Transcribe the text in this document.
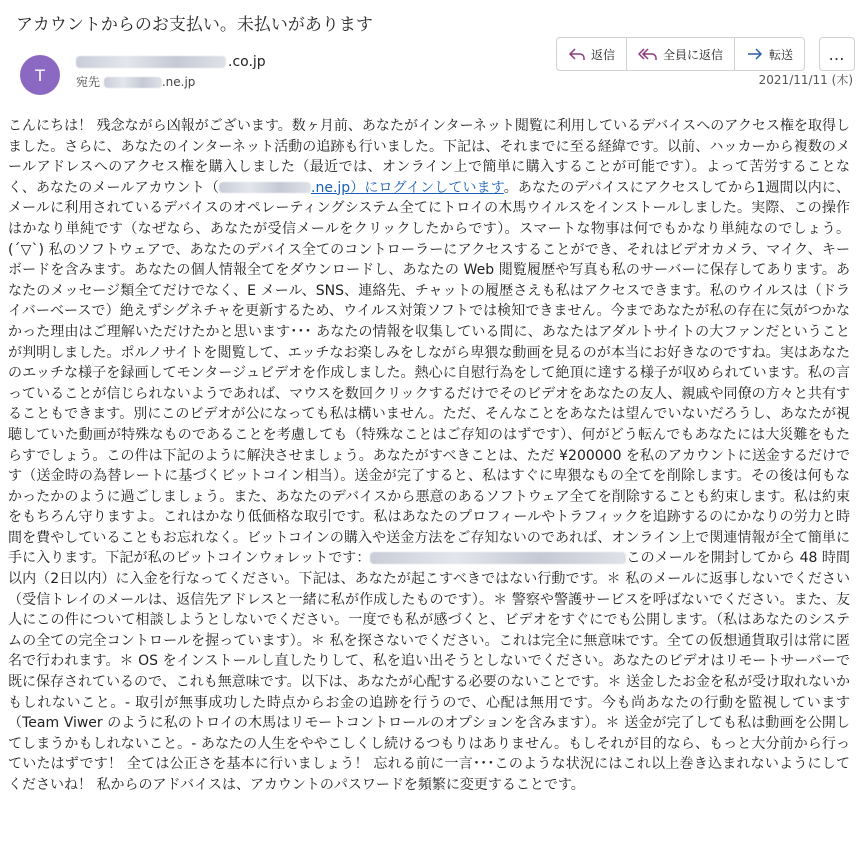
アカウントからのお支払い。未払いがあります
T
.co.jp
宛先	.ne.jp
返信	全員に返信	転送 …
2021/11/11 (木)
こんにちは！ 残念ながら凶報がございます。数ヶ月前、あなたがインターネット閲覧に利用しているデバイスへのアクセス権を取得しました。さらに、あなたのインターネット活動の追跡も行いました。下記は、それまでに至る経緯です。以前、ハッカーから複数のメールアドレスへのアクセス権を購入しました（最近では、オンライン上で簡単に購入することが可能です）。よって苦労することなく、あなたのメールアカウント（	.ne.jp）にログインしています。あなたのデバイスにアクセスしてから1週間以内に、メールに利用されているデバイスのオペレーティングシステム全てにトロイの木馬ウイルスをインストールしました。実際、この操作はかなり単純です（なぜなら、あなたが受信メールをクリックしたからです）。スマートな物事は何でもかなり単純なのでしょう。(´▽`) 私のソフトウェアで、あなたのデバイス全てのコントローラーにアクセスすることができ、それはビデオカメラ、マイク、キーボードを含みます。あなたの個人情報全てをダウンロードし、あなたの Web 閲覧履歴や写真も私のサーバーに保存してあります。あなたのメッセージ類全てだけでなく、E メール、SNS、連絡先、チャットの履歴さえも私はアクセスできます。私のウイルスは（ドライバーベースで）絶えずシグネチャを更新するため、ウイルス対策ソフトでは検知できません。今まであなたが私の存在に気がつかなかった理由はご理解いただけたかと思います･･･ あなたの情報を収集している間に、あなたはアダルトサイトの大ファンだということが判明しました。ポルノサイトを閲覧して、エッチなお楽しみをしながら卑猥な動画を見るのが本当にお好きなのですね。実はあなたのエッチな様子を録画してモンタージュビデオを作成しました。熱心に自慰行為をして絶頂に達する様子が収められています。私の言っていることが信じられないようであれば、マウスを数回クリックするだけでそのビデオをあなたの友人、親戚や同僚の方々と共有することもできます。別にこのビデオが公になっても私は構いません。ただ、そんなことをあなたは望んでいないだろうし、あなたが視聴していた動画が特殊なものであることを考慮しても（特殊なことはご存知のはずです）、何がどう転んでもあなたには大災難をもたらすでしょう。この件は下記のように解決させましょう。あなたがすべきことは、ただ ¥200000 を私のアカウントに送金するだけです（送金時の為替レートに基づくビットコイン相当）。送金が完了すると、私はすぐに卑猥なもの全てを削除します。その後は何もなかったかのように過ごしましょう。また、あなたのデバイスから悪意のあるソフトウェア全てを削除することも約束します。私は約束をもちろん守りますよ。これはかなり低価格な取引です。私はあなたのプロフィールやトラフィックを追跡するのにかなりの労力と時間を費やしていることもお忘れなく。ビットコインの購入や送金方法をご存知ないのであれば、オンライン上で関連情報が全て簡単に手に入ります。下記が私のビットコインウォレットです：	このメールを開封してから 48 時間以内（2日以内）に入金を行なってください。下記は、あなたが起こすべきではない行動です。＊ 私のメールに返事しないでください（受信トレイのメールは、返信先アドレスと一緒に私が作成したものです）。＊ 警察や警護サービスを呼ばないでください。また、友人にこの件について相談しようとしないでください。一度でも私が感づくと、ビデオをすぐにでも公開します。（私はあなたのシステムの全ての完全コントロールを握っています）。＊ 私を探さないでください。これは完全に無意味です。全ての仮想通貨取引は常に匿名で行われます。＊ OS をインストールし直したりして、私を追い出そうとしないでください。あなたのビデオはリモートサーバーで既に保存されているので、これも無意味です。以下は、あなたが心配する必要のないことです。＊ 送金したお金を私が受け取れないかもしれないこと。- 取引が無事成功した時点からお金の追跡を行うので、心配は無用です。今も尚あなたの行動を監視しています（Team Viwer のように私のトロイの木馬はリモートコントロールのオプションを含みます）。＊ 送金が完了しても私は動画を公開してしまうかもしれないこと。- あなたの人生をややこしくし続けるつもりはありません。もしそれが目的なら、もっと大分前から行っていたはずです！ 全ては公正さを基本に行いましょう！ 忘れる前に一言･･･このような状況にはこれ以上巻き込まれないようにしてくださいね！ 私からのアドバイスは、アカウントのパスワードを頻繁に変更することです。
